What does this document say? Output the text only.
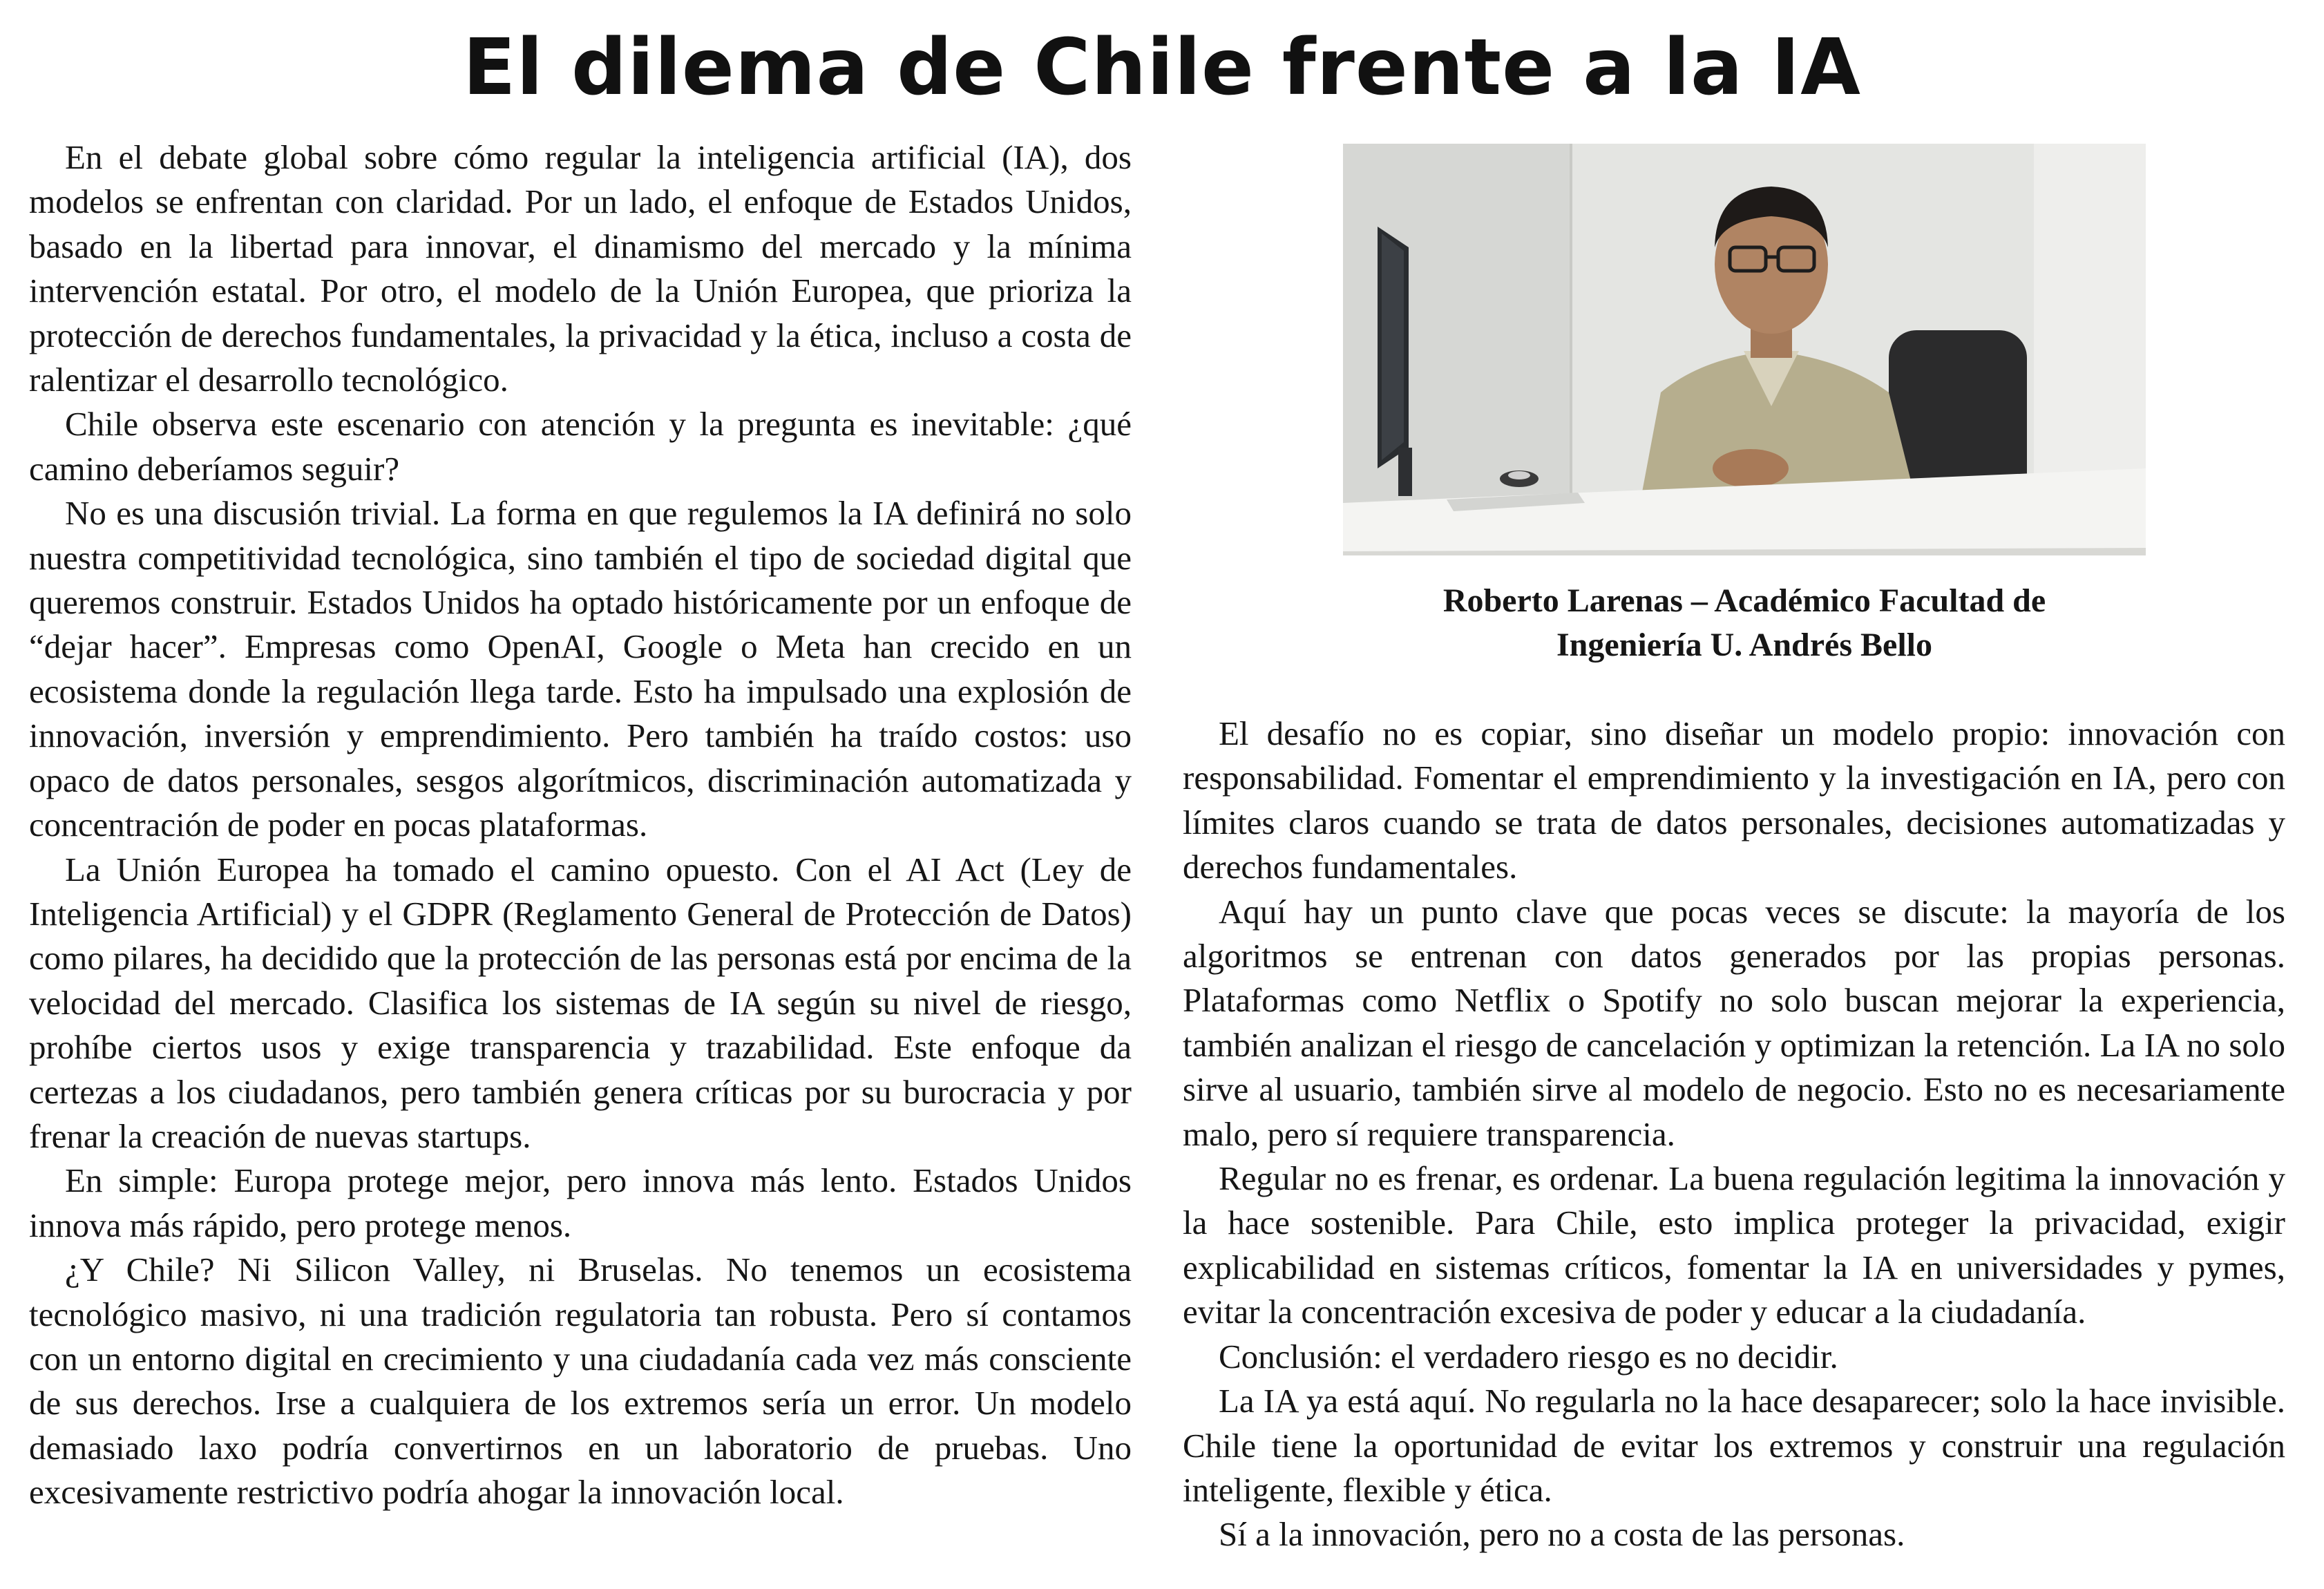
El dilema de Chile frente a la IA

En el debate global sobre cómo regular la inteligencia artificial (IA), dos modelos se enfrentan con claridad. Por un lado, el enfoque de Estados Unidos, basado en la libertad para innovar, el dinamismo del mercado y la mínima intervención estatal. Por otro, el modelo de la Unión Europea, que prioriza la protección de derechos fundamentales, la privacidad y la ética, incluso a costa de ralentizar el desarrollo tecnológico.

Chile observa este escenario con atención y la pregunta es inevitable: ¿qué camino deberíamos seguir?

No es una discusión trivial. La forma en que regulemos la IA definirá no solo nuestra competitividad tecnológica, sino también el tipo de sociedad digital que queremos construir. Estados Unidos ha optado históricamente por un enfoque de “dejar hacer”. Empresas como OpenAI, Google o Meta han crecido en un ecosistema donde la regulación llega tarde. Esto ha impulsado una explosión de innovación, inversión y emprendimiento. Pero también ha traído costos: uso opaco de datos personales, sesgos algorítmicos, discriminación automatizada y concentración de poder en pocas plataformas.

La Unión Europea ha tomado el camino opuesto. Con el AI Act (Ley de Inteligencia Artificial) y el GDPR (Reglamento General de Protección de Datos) como pilares, ha decidido que la protección de las personas está por encima de la velocidad del mercado. Clasifica los sistemas de IA según su nivel de riesgo, prohíbe ciertos usos y exige transparencia y trazabilidad. Este enfoque da certezas a los ciudadanos, pero también genera críticas por su burocracia y por frenar la creación de nuevas startups.

En simple: Europa protege mejor, pero innova más lento. Estados Unidos innova más rápido, pero protege menos.

¿Y Chile? Ni Silicon Valley, ni Bruselas. No tenemos un ecosistema tecnológico masivo, ni una tradición regulatoria tan robusta. Pero sí contamos con un entorno digital en crecimiento y una ciudadanía cada vez más consciente de sus derechos. Irse a cualquiera de los extremos sería un error. Un modelo demasiado laxo podría convertirnos en un laboratorio de pruebas. Uno excesivamente restrictivo podría ahogar la innovación local.

Roberto Larenas – Académico Facultad de
Ingeniería U. Andrés Bello

El desafío no es copiar, sino diseñar un modelo propio: innovación con responsabilidad. Fomentar el emprendimiento y la investigación en IA, pero con límites claros cuando se trata de datos personales, decisiones automatizadas y derechos fundamentales.

Aquí hay un punto clave que pocas veces se discute: la mayoría de los algoritmos se entrenan con datos generados por las propias personas. Plataformas como Netflix o Spotify no solo buscan mejorar la experiencia, también analizan el riesgo de cancelación y optimizan la retención. La IA no solo sirve al usuario, también sirve al modelo de negocio. Esto no es necesariamente malo, pero sí requiere transparencia.

Regular no es frenar, es ordenar. La buena regulación legitima la innovación y la hace sostenible. Para Chile, esto implica proteger la privacidad, exigir explicabilidad en sistemas críticos, fomentar la IA en universidades y pymes, evitar la concentración excesiva de poder y educar a la ciudadanía.

Conclusión: el verdadero riesgo es no decidir.

La IA ya está aquí. No regularla no la hace desaparecer; solo la hace invisible. Chile tiene la oportunidad de evitar los extremos y construir una regulación inteligente, flexible y ética.

Sí a la innovación, pero no a costa de las personas.
